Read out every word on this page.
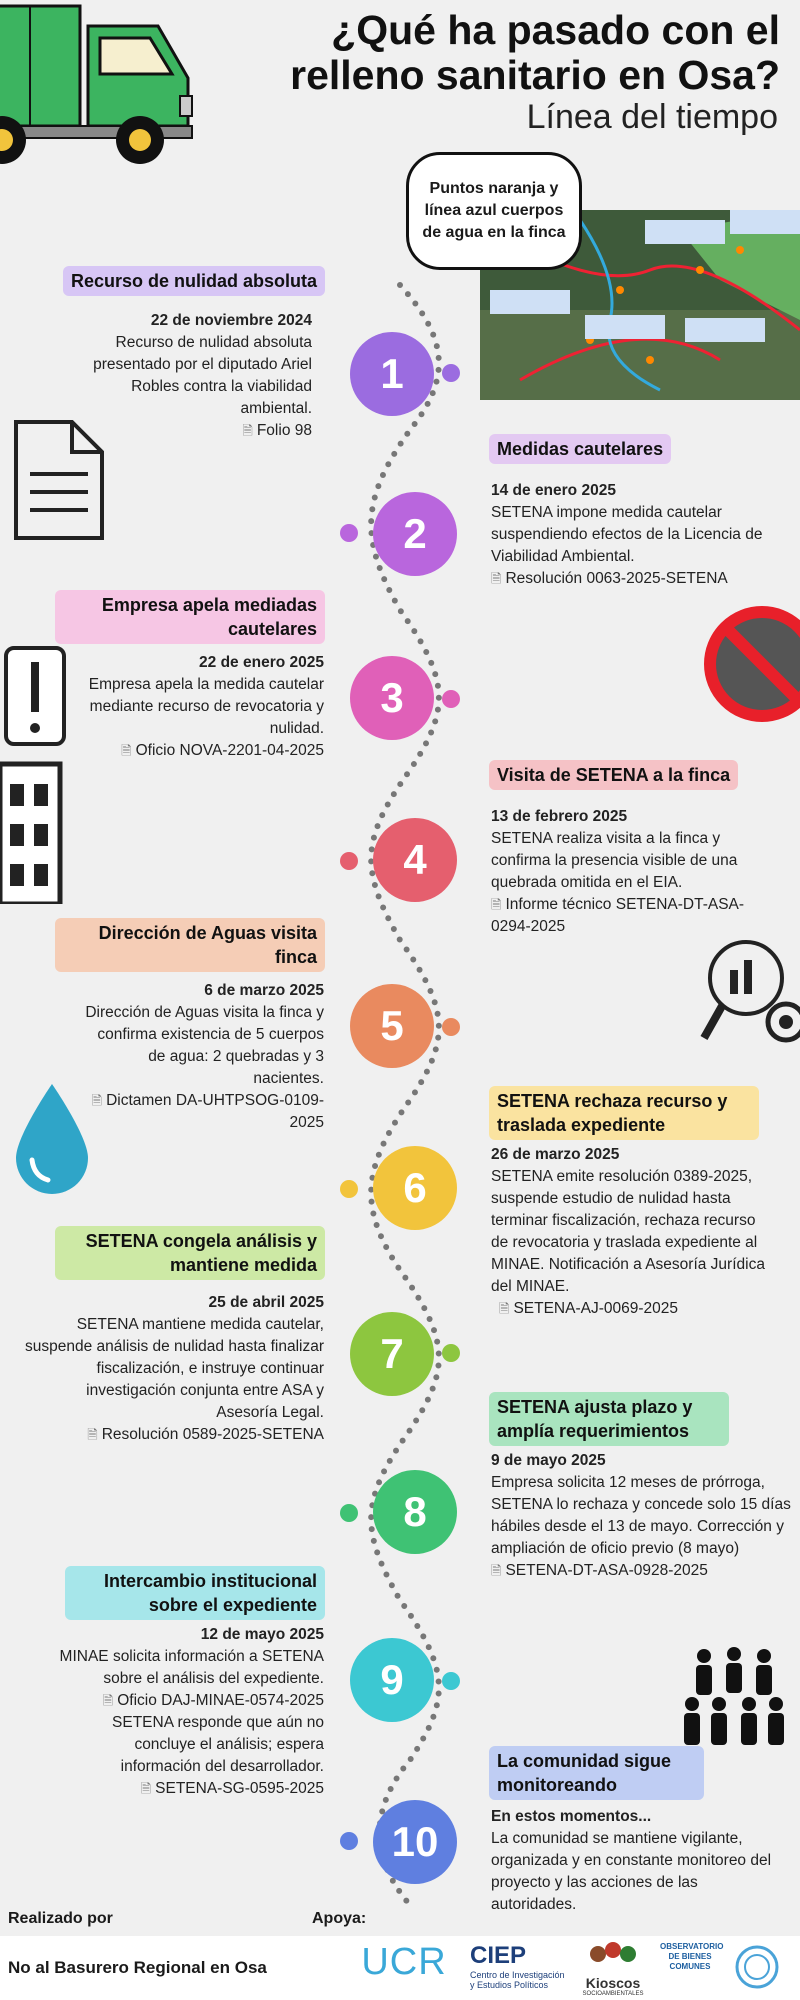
¿Qué ha pasado con el relleno sanitario en Osa?
Línea del tiempo
Puntos naranja y línea azul cuerpos de agua en la finca
Recurso de nulidad absoluta
22 de noviembre 2024
Recurso de nulidad absoluta presentado por el diputado Ariel Robles contra la viabilidad ambiental.
🗎 Folio 98
1
Medidas cautelares
14 de enero 2025
SETENA impone medida cautelar suspendiendo efectos de la Licencia de Viabilidad Ambiental.
🗎 Resolución 0063-2025-SETENA
2
Empresa apela mediadas cautelares
22 de enero 2025
Empresa apela la medida cautelar mediante recurso de revocatoria y nulidad.
🗎 Oficio NOVA-2201-04-2025
3
Visita de SETENA a la finca
13 de febrero 2025
SETENA realiza visita a la finca y confirma la presencia visible de una quebrada omitida en el EIA.
🗎 Informe técnico SETENA-DT-ASA-0294-2025
4
Dirección de Aguas visita finca
6 de marzo 2025
Dirección de Aguas visita la finca y confirma existencia de 5 cuerpos de agua: 2 quebradas y 3 nacientes.
🗎 Dictamen DA-UHTPSOG-0109-2025
5
SETENA rechaza recurso y traslada expediente
26 de marzo 2025
SETENA emite resolución 0389-2025, suspende estudio de nulidad hasta terminar fiscalización, rechaza recurso de revocatoria y traslada expediente al MINAE. Notificación a Asesoría Jurídica del MINAE.
🗎 SETENA-AJ-0069-2025
6
SETENA congela análisis y mantiene medida
25 de abril 2025
SETENA mantiene medida cautelar, suspende análisis de nulidad hasta finalizar fiscalización, e instruye continuar investigación conjunta entre ASA y Asesoría Legal.
🗎 Resolución 0589-2025-SETENA
7
SETENA ajusta plazo y amplía requerimientos
9 de mayo 2025
Empresa solicita 12 meses de prórroga, SETENA lo rechaza y concede solo 15 días hábiles desde el 13 de mayo. Corrección y ampliación de oficio previo (8 mayo)
🗎 SETENA-DT-ASA-0928-2025
8
Intercambio institucional sobre el expediente
12 de mayo 2025
MINAE solicita información a SETENA sobre el análisis del expediente.
🗎 Oficio DAJ-MINAE-0574-2025
SETENA responde que aún no concluye el análisis; espera información del desarrollador.
🗎 SETENA-SG-0595-2025
9
La comunidad sigue monitoreando
En estos momentos...
La comunidad se mantiene vigilante, organizada y en constante monitoreo del proyecto y las acciones de las autoridades.
10
Realizado por	Apoya:
No al Basurero Regional en Osa UCR CIEP
Centro de Investigación y Estudios Políticos	Kioscos
SOCIOAMBIENTALES
OBSERVATORIO DE BIENES COMUNES
